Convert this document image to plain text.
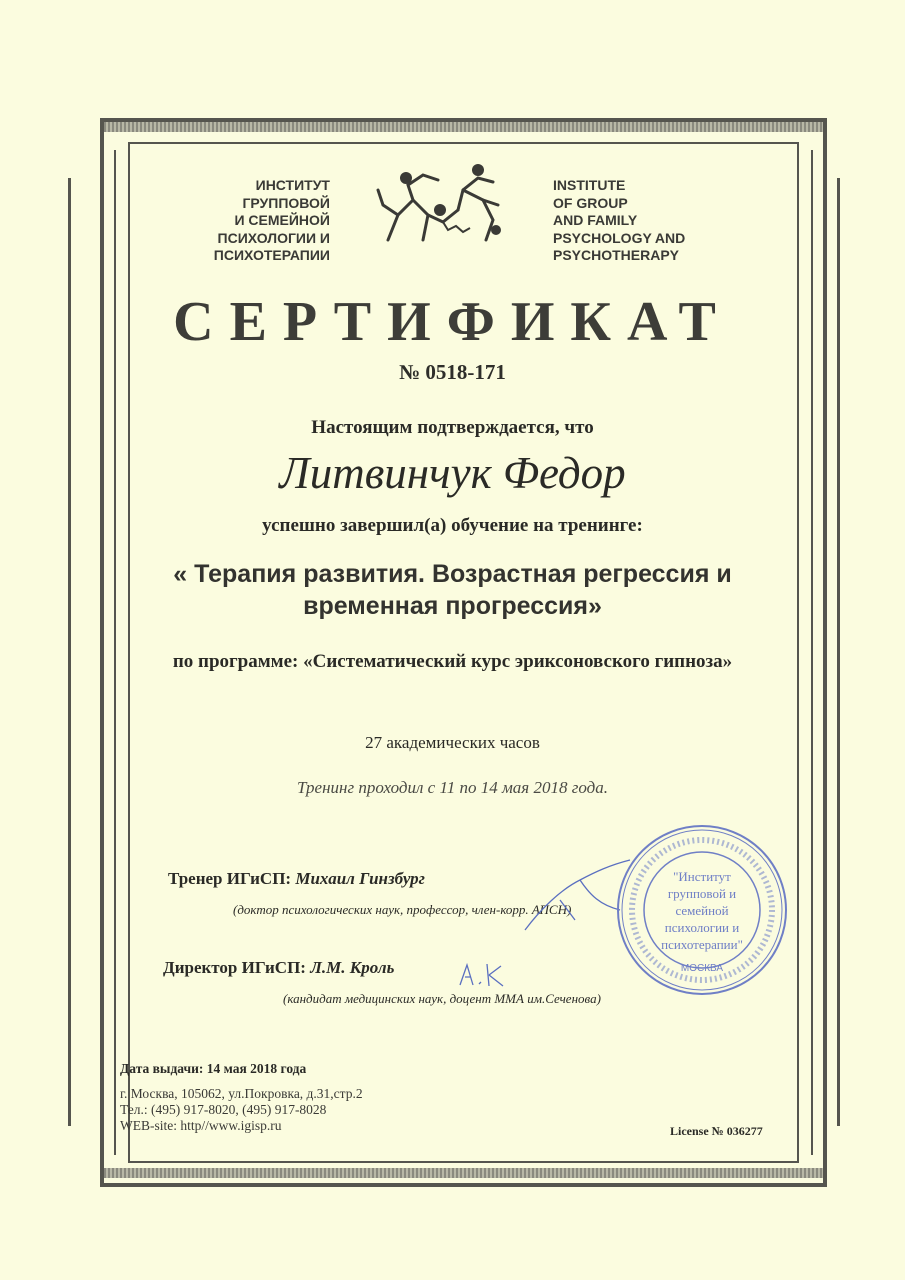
ИНСТИТУТ
ГРУППОВОЙ
И СЕМЕЙНОЙ
ПСИХОЛОГИИ И
ПСИХОТЕРАПИИ
INSTITUTE
OF GROUP
AND FAMILY
PSYCHOLOGY AND
PSYCHOTHERAPY
СЕРТИФИКАТ
№ 0518-171
Настоящим подтверждается, что
Литвинчук Федор
успешно завершил(а) обучение на тренинге:
« Терапия развития. Возрастная регрессия и
временная прогрессия»
по программе: «Систематический курс эриксоновского гипноза»
27 академических часов
Тренинг проходил с 11 по 14 мая 2018 года.
Тренер ИГиСП: Михаил Гинзбург
(доктор психологических наук, профессор, член-корр. АПСН)
Директор ИГиСП: Л.М. Кроль
(кандидат медицинских наук, доцент ММА им.Сеченова)
"Институт групповой и семейной психологии и психотерапии"
МОСКВА
Дата выдачи: 14 мая 2018 года
г. Москва, 105062, ул.Покровка, д.31,стр.2
Тел.: (495) 917-8020, (495) 917-8028
WEB-site: http//www.igisp.ru	License № 036277
